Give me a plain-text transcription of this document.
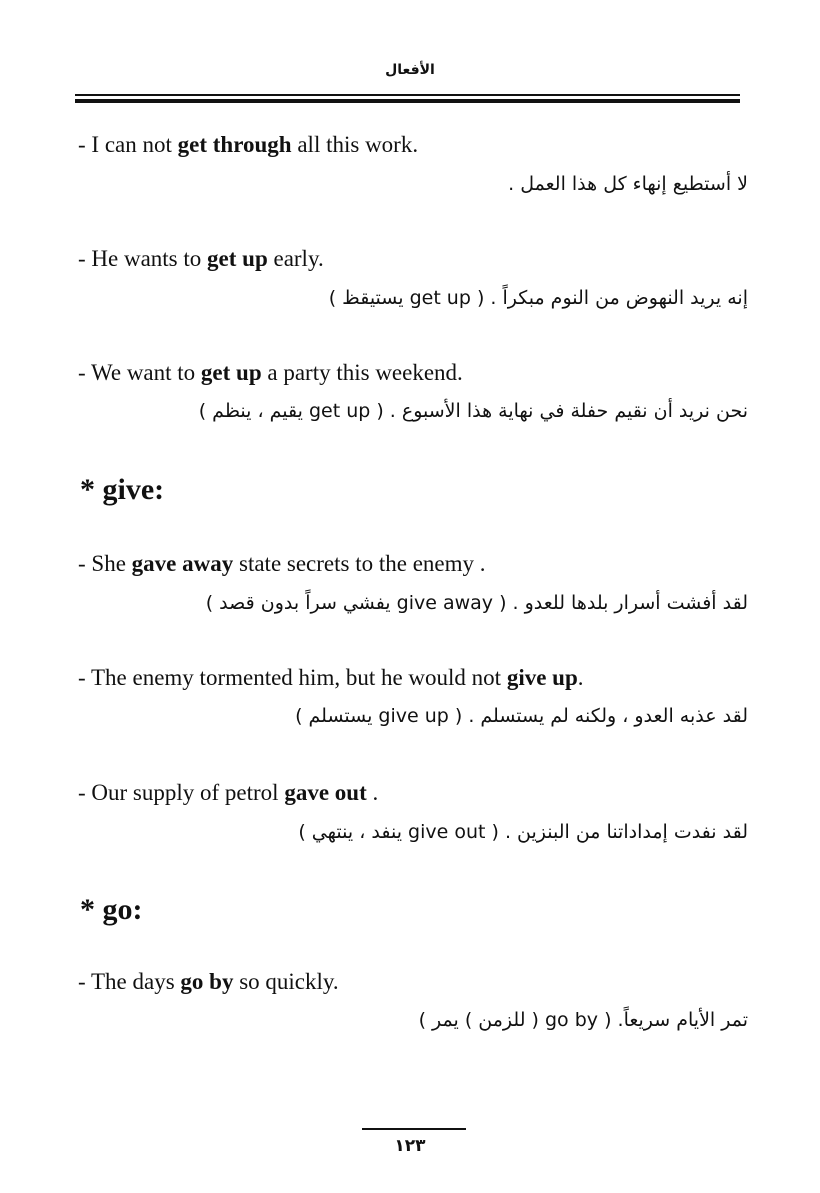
الأفعال
- I can not get through all this work.
لا أستطيع إنهاء كل هذا العمل .
- He wants to get up early.
إنه يريد النهوض من النوم مبكراً . ( get up يستيقظ )
- We want to get up a party this weekend.
نحن نريد أن نقيم حفلة في نهاية هذا الأسبوع . ( get up يقيم ، ينظم )
* give:
- She gave away state secrets to the enemy .
لقد أفشت أسرار بلدها للعدو . ( give away يفشي سراً بدون قصد )
- The enemy tormented him, but he would not give up.
لقد عذبه العدو ، ولكنه لم يستسلم . ( give up يستسلم )
- Our supply of petrol gave out .
لقد نفدت إمداداتنا من البنزين . ( give out ينفد ، ينتهي )
* go:
- The days go by so quickly.
تمر الأيام سريعاً. ( go by ( للزمن ) يمر )
١٢٣
